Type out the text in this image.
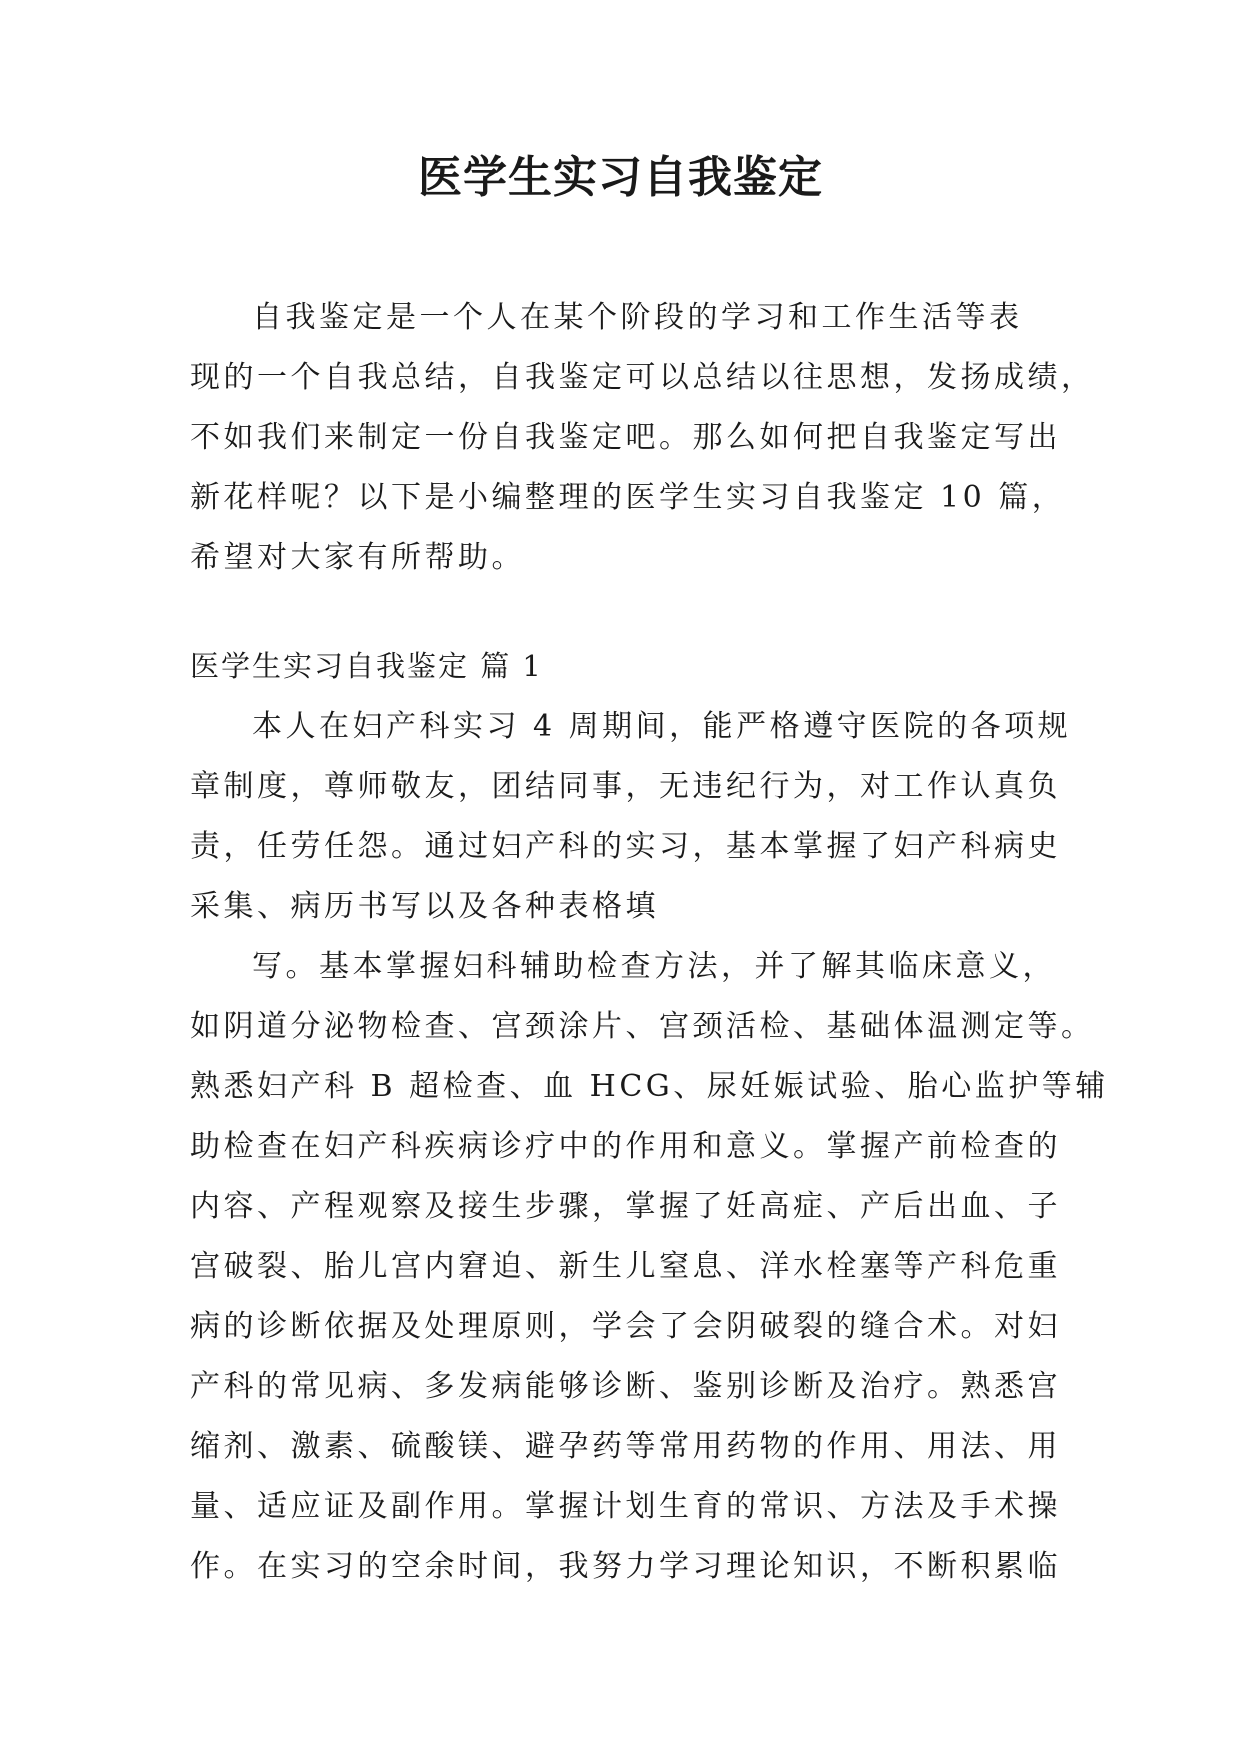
医学生实习自我鉴定

自我鉴定是一个人在某个阶段的学习和工作生活等表

现的一个自我总结，自我鉴定可以总结以往思想，发扬成绩，

不如我们来制定一份自我鉴定吧。那么如何把自我鉴定写出

新花样呢？以下是小编整理的医学生实习自我鉴定 10 篇，

希望对大家有所帮助。

医学生实习自我鉴定 篇 1

本人在妇产科实习 4 周期间，能严格遵守医院的各项规

章制度，尊师敬友，团结同事，无违纪行为，对工作认真负

责，任劳任怨。通过妇产科的实习，基本掌握了妇产科病史

采集、病历书写以及各种表格填

写。基本掌握妇科辅助检查方法，并了解其临床意义，

如阴道分泌物检查、宫颈涂片、宫颈活检、基础体温测定等。

熟悉妇产科 B 超检查、血 HCG、尿妊娠试验、胎心监护等辅

助检查在妇产科疾病诊疗中的作用和意义。掌握产前检查的

内容、产程观察及接生步骤，掌握了妊高症、产后出血、子

宫破裂、胎儿宫内窘迫、新生儿窒息、洋水栓塞等产科危重

病的诊断依据及处理原则，学会了会阴破裂的缝合术。对妇

产科的常见病、多发病能够诊断、鉴别诊断及治疗。熟悉宫

缩剂、激素、硫酸镁、避孕药等常用药物的作用、用法、用

量、适应证及副作用。掌握计划生育的常识、方法及手术操

作。在实习的空余时间，我努力学习理论知识，不断积累临
